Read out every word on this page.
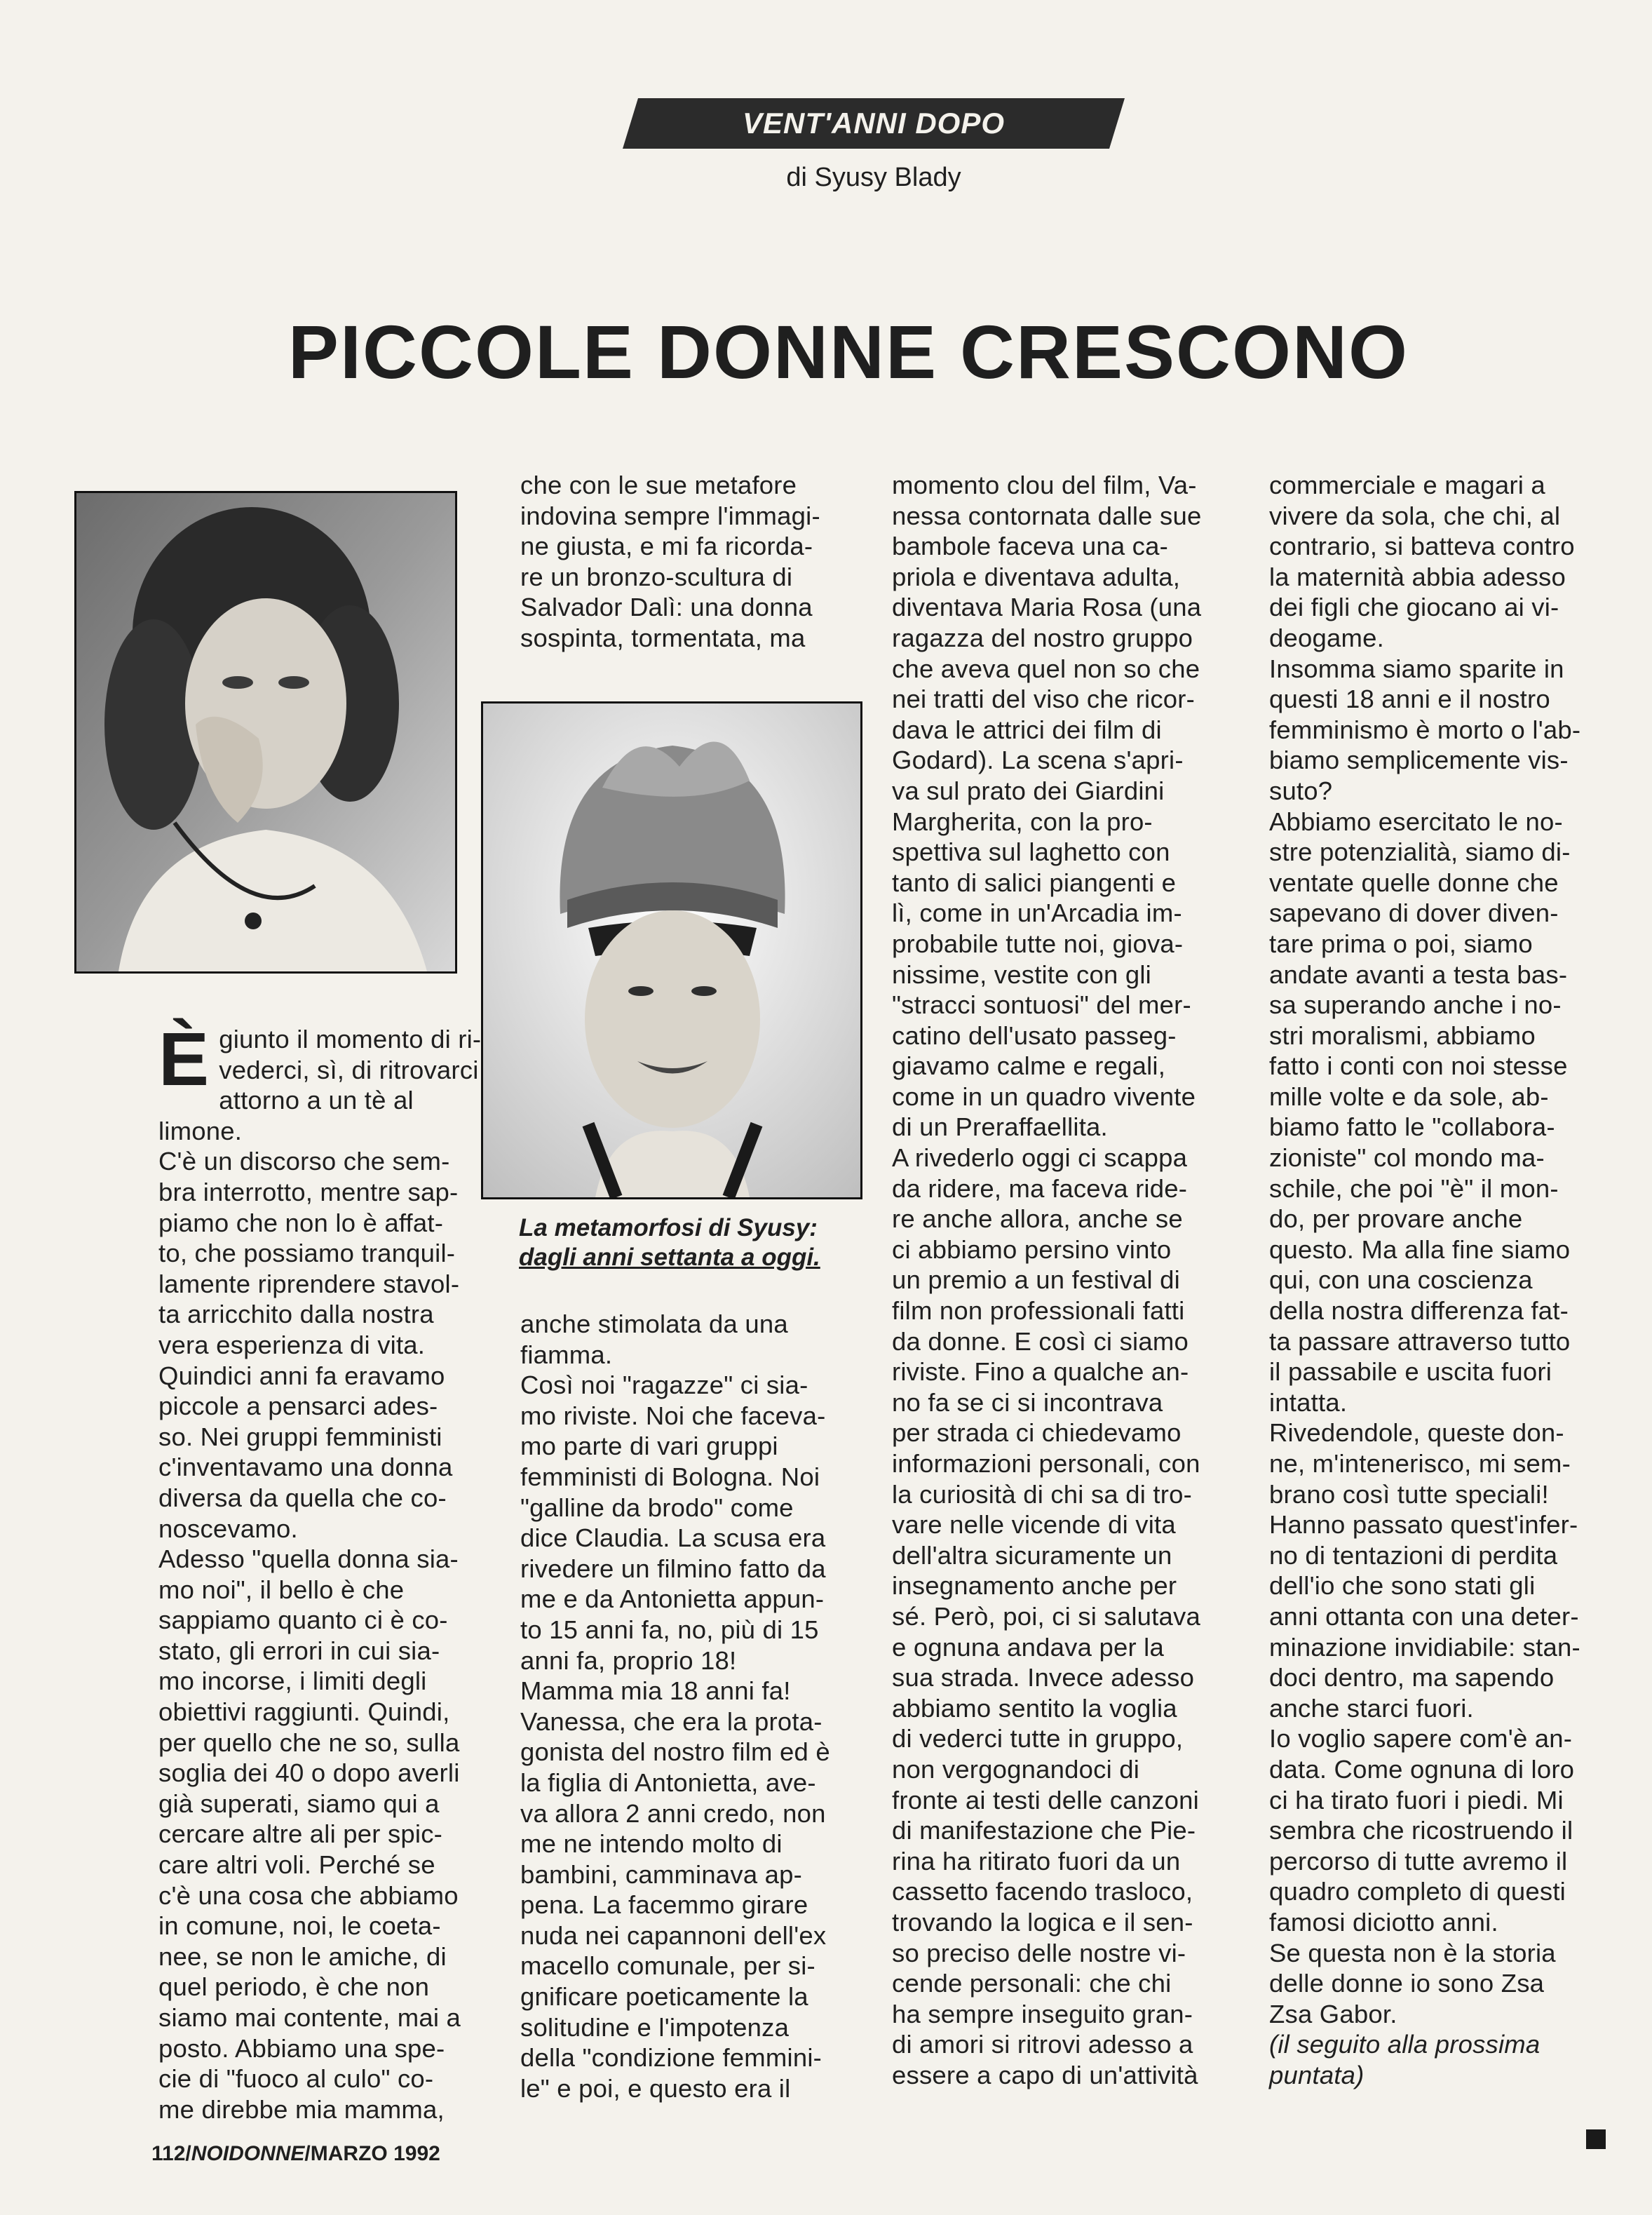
VENT'ANNI DOPO
di Syusy Blady
PICCOLE DONNE CRESCONO
La metamorfosi di Syusy:
dagli anni settanta a oggi.
È giunto il momento di ri-
vederci, sì, di ritrovarci
attorno a un tè al limone.
C'è un discorso che sem-
bra interrotto, mentre sap-
piamo che non lo è affat-
to, che possiamo tranquil-
lamente riprendere stavol-
ta arricchito dalla nostra
vera esperienza di vita.
Quindici anni fa eravamo
piccole a pensarci ades-
so. Nei gruppi femministi
c'inventavamo una donna
diversa da quella che co-
noscevamo.
Adesso "quella donna sia-
mo noi", il bello è che
sappiamo quanto ci è co-
stato, gli errori in cui sia-
mo incorse, i limiti degli
obiettivi raggiunti. Quindi,
per quello che ne so, sulla
soglia dei 40 o dopo averli
già superati, siamo qui a
cercare altre ali per spic-
care altri voli. Perché se
c'è una cosa che abbiamo
in comune, noi, le coeta-
nee, se non le amiche, di
quel periodo, è che non
siamo mai contente, mai a
posto. Abbiamo una spe-
cie di "fuoco al culo" co-
me direbbe mia mamma,
che con le sue metafore
indovina sempre l'immagi-
ne giusta, e mi fa ricorda-
re un bronzo-scultura di
Salvador Dalì: una donna
sospinta, tormentata, ma
anche stimolata da una
fiamma.
Così noi "ragazze" ci sia-
mo riviste. Noi che faceva-
mo parte di vari gruppi
femministi di Bologna. Noi
"galline da brodo" come
dice Claudia. La scusa era
rivedere un filmino fatto da
me e da Antonietta appun-
to 15 anni fa, no, più di 15
anni fa, proprio 18!
Mamma mia 18 anni fa!
Vanessa, che era la prota-
gonista del nostro film ed è
la figlia di Antonietta, ave-
va allora 2 anni credo, non
me ne intendo molto di
bambini, camminava ap-
pena. La facemmo girare
nuda nei capannoni dell'ex
macello comunale, per si-
gnificare poeticamente la
solitudine e l'impotenza
della "condizione femmini-
le" e poi, e questo era il
momento clou del film, Va-
nessa contornata dalle sue
bambole faceva una ca-
priola e diventava adulta,
diventava Maria Rosa (una
ragazza del nostro gruppo
che aveva quel non so che
nei tratti del viso che ricor-
dava le attrici dei film di
Godard). La scena s'apri-
va sul prato dei Giardini
Margherita, con la pro-
spettiva sul laghetto con
tanto di salici piangenti e
lì, come in un'Arcadia im-
probabile tutte noi, giova-
nissime, vestite con gli
"stracci sontuosi" del mer-
catino dell'usato passeg-
giavamo calme e regali,
come in un quadro vivente
di un Preraffaellita.
A rivederlo oggi ci scappa
da ridere, ma faceva ride-
re anche allora, anche se
ci abbiamo persino vinto
un premio a un festival di
film non professionali fatti
da donne. E così ci siamo
riviste. Fino a qualche an-
no fa se ci si incontrava
per strada ci chiedevamo
informazioni personali, con
la curiosità di chi sa di tro-
vare nelle vicende di vita
dell'altra sicuramente un
insegnamento anche per
sé. Però, poi, ci si salutava
e ognuna andava per la
sua strada. Invece adesso
abbiamo sentito la voglia
di vederci tutte in gruppo,
non vergognandoci di
fronte ai testi delle canzoni
di manifestazione che Pie-
rina ha ritirato fuori da un
cassetto facendo trasloco,
trovando la logica e il sen-
so preciso delle nostre vi-
cende personali: che chi
ha sempre inseguito gran-
di amori si ritrovi adesso a
essere a capo di un'attività
commerciale e magari a
vivere da sola, che chi, al
contrario, si batteva contro
la maternità abbia adesso
dei figli che giocano ai vi-
deogame.
Insomma siamo sparite in
questi 18 anni e il nostro
femminismo è morto o l'ab-
biamo semplicemente vis-
suto?
Abbiamo esercitato le no-
stre potenzialità, siamo di-
ventate quelle donne che
sapevano di dover diven-
tare prima o poi, siamo
andate avanti a testa bas-
sa superando anche i no-
stri moralismi, abbiamo
fatto i conti con noi stesse
mille volte e da sole, ab-
biamo fatto le "collabora-
zioniste" col mondo ma-
schile, che poi "è" il mon-
do, per provare anche
questo. Ma alla fine siamo
qui, con una coscienza
della nostra differenza fat-
ta passare attraverso tutto
il passabile e uscita fuori
intatta.
Rivedendole, queste don-
ne, m'intenerisco, mi sem-
brano così tutte speciali!
Hanno passato quest'infer-
no di tentazioni di perdita
dell'io che sono stati gli
anni ottanta con una deter-
minazione invidiabile: stan-
doci dentro, ma sapendo
anche starci fuori.
Io voglio sapere com'è an-
data. Come ognuna di loro
ci ha tirato fuori i piedi. Mi
sembra che ricostruendo il
percorso di tutte avremo il
quadro completo di questi
famosi diciotto anni.
Se questa non è la storia
delle donne io sono Zsa
Zsa Gabor.
(il seguito alla prossima
puntata)
112/NOIDONNE/MARZO 1992
